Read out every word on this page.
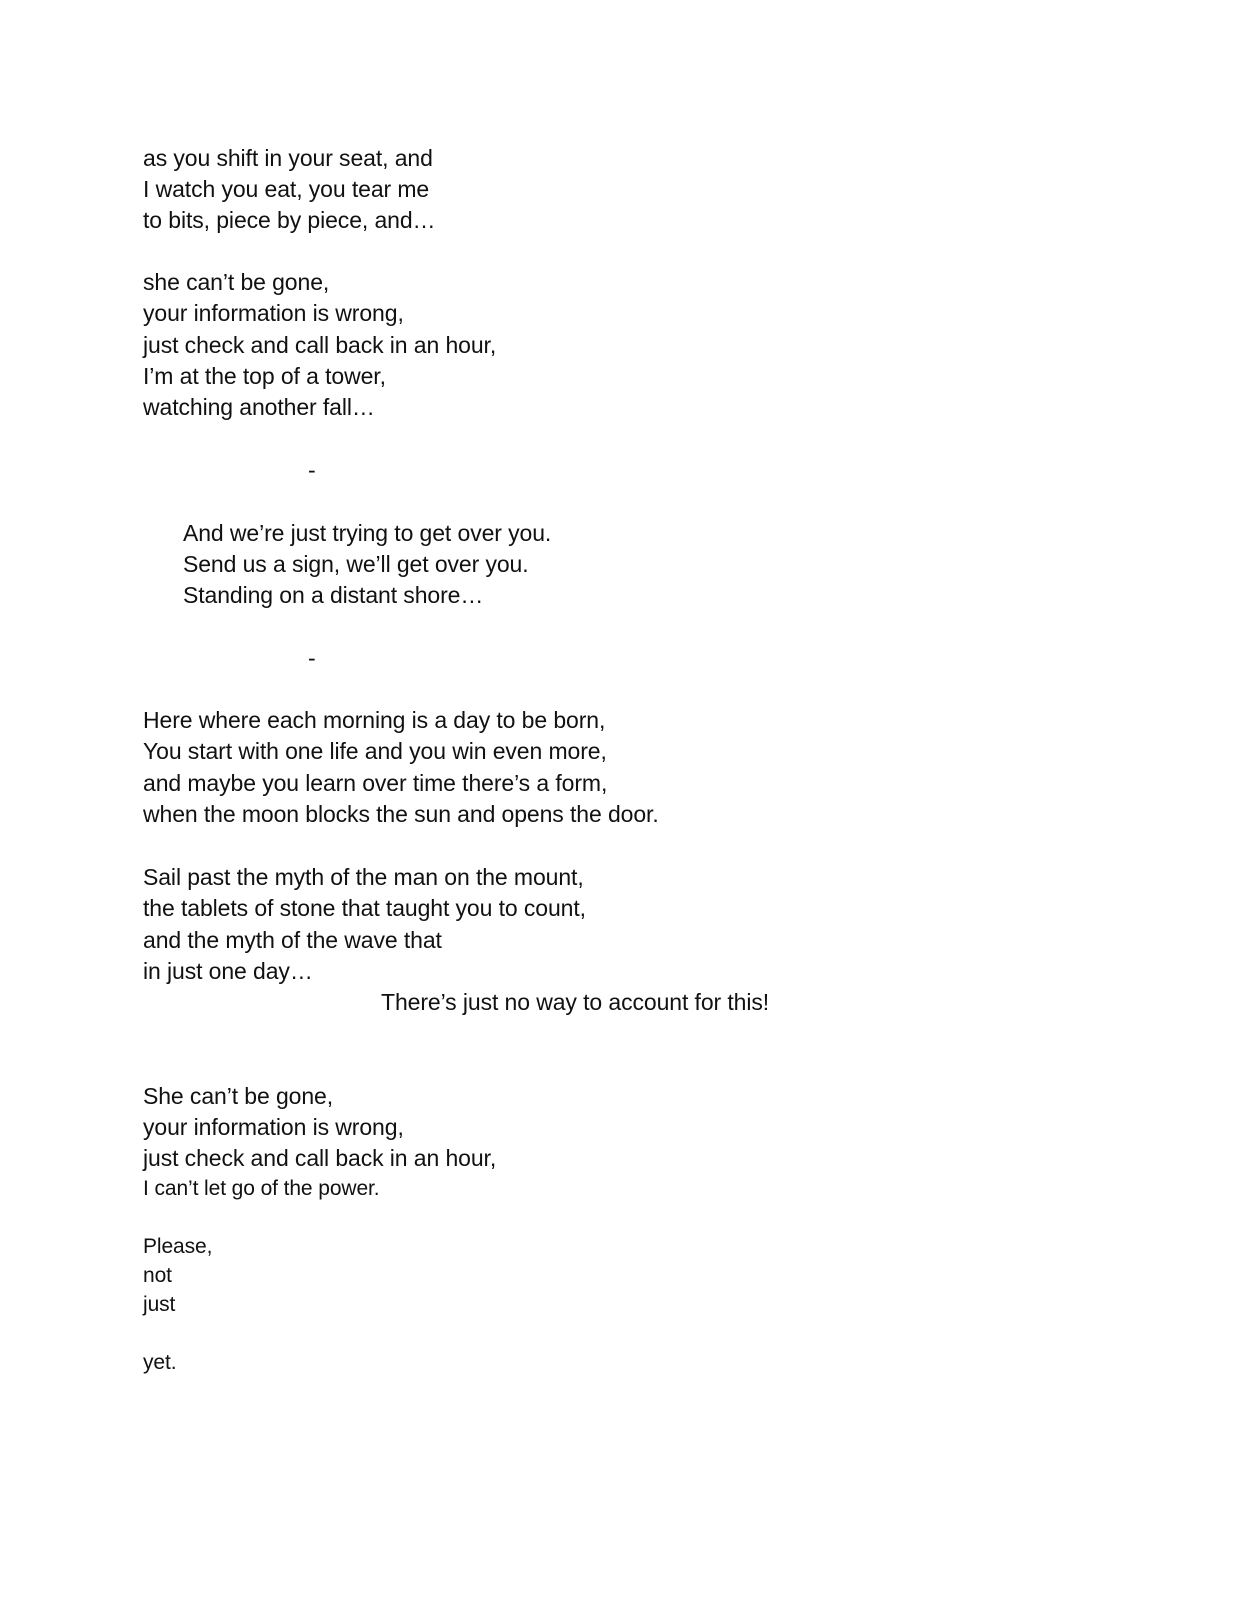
as you shift in your seat, and
I watch you eat, you tear me
to bits, piece by piece, and…
she can’t be gone,
your information is wrong,
just check and call back in an hour,
I’m at the top of a tower,
watching another fall…
-
And we’re just trying to get over you.
Send us a sign, we’ll get over you.
Standing on a distant shore…
-
Here where each morning is a day to be born,
You start with one life and you win even more,
and maybe you learn over time there’s a form,
when the moon blocks the sun and opens the door.
Sail past the myth of the man on the mount,
the tablets of stone that taught you to count,
and the myth of the wave that
in just one day…
There’s just no way to account for this!
She can’t be gone,
your information is wrong,
just check and call back in an hour,
I can’t let go of the power.
Please,
not
just
yet.
